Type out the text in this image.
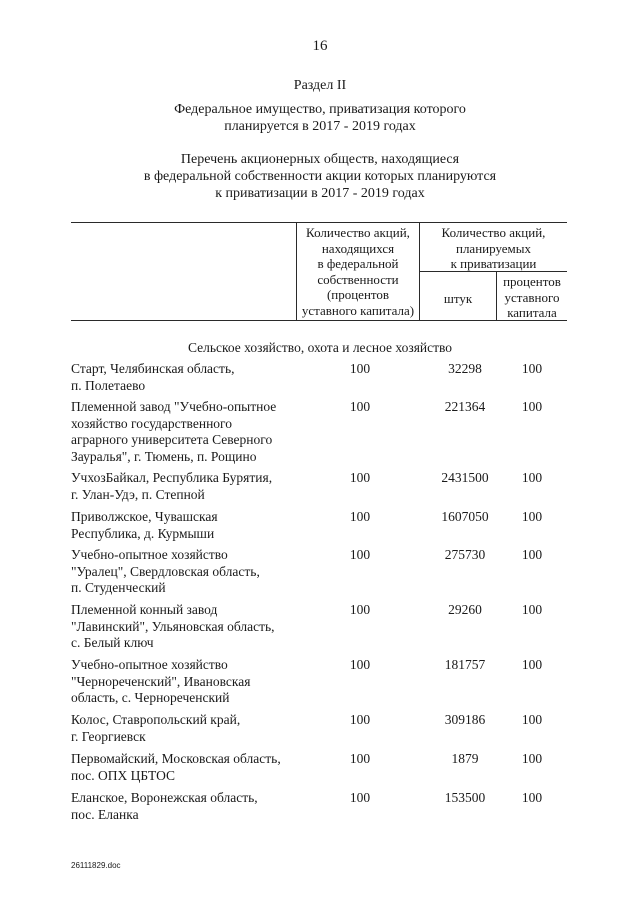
16
Раздел II
Федеральное имущество, приватизация которого
планируется в 2017 - 2019 годах
Перечень акционерных обществ, находящиеся
в федеральной собственности акции которых планируются
к приватизации в 2017 - 2019 годах
Количество акций,
находящихся
в федеральной
собственности
(процентов
уставного капитала)
Количество акций,
планируемых
к приватизации
штук
процентов
уставного
капитала
Сельское хозяйство, охота и лесное хозяйство
Старт, Челябинская область,
п. Полетаево
100	32298	100
Племенной завод "Учебно-опытное
хозяйство государственного
аграрного университета Северного
Зауралья", г. Тюмень, п. Рощино
100	221364	100
УчхозБайкал, Республика Бурятия,
г. Улан-Удэ, п. Степной
100	2431500	100
Приволжское, Чувашская
Республика, д. Курмыши
100	1607050	100
Учебно-опытное хозяйство
"Уралец", Свердловская область,
п. Студенческий
100	275730	100
Племенной конный завод
"Лавинский", Ульяновская область,
с. Белый ключ
100	29260	100
Учебно-опытное хозяйство
"Чернореченский", Ивановская
область, с. Чернореченский
100	181757	100
Колос, Ставропольский край,
г. Георгиевск
100	309186	100
Первомайский, Московская область,
пос. ОПХ ЦБТОС
100	1879	100
Еланское, Воронежская область,
пос. Еланка
100	153500	100
26111829.doc
